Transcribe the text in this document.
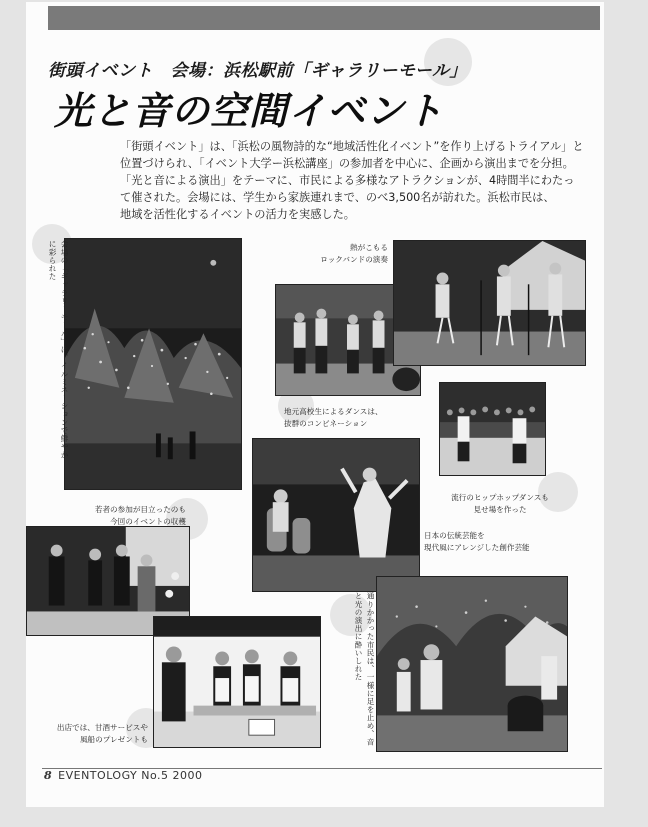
街頭イベント　会場：浜松駅前「ギャラリーモール」
光と音の空間イベント

「街頭イベント」は、「浜松の風物詩的な“地域活性化イベント”を作り上げるトライアル」と

位置づけられ、「イベント大学ー浜松講座」の参加者を中心に、企画から演出までを分担。

「光と音による演出」をテーマに、市民による多様なアトラクションが、4時間半にわたっ

て催された。会場には、学生から家族連れまで、のべ3,500名が訪れた。浜松市民は、

地域を活性化するイベントの活力を実感した。

会場の「ギャラリーモール」は、イルミネーションで鮮やかに彩られた	熱がこもる
ロックバンドの演奏
地元高校生によるダンスは、
抜群のコンビネーション
流行のヒップホップダンスも
見せ場を作った
日本の伝統芸能を
現代風にアレンジした創作芸能
若者の参加が目立ったのも
今回のイベントの収穫
通りかかった市民は、一様に足を止め、音と光の演出に酔いしれた
出店では、甘酒サービスや
風船のプレゼントも
8 EVENTOLOGY No.5 2000
